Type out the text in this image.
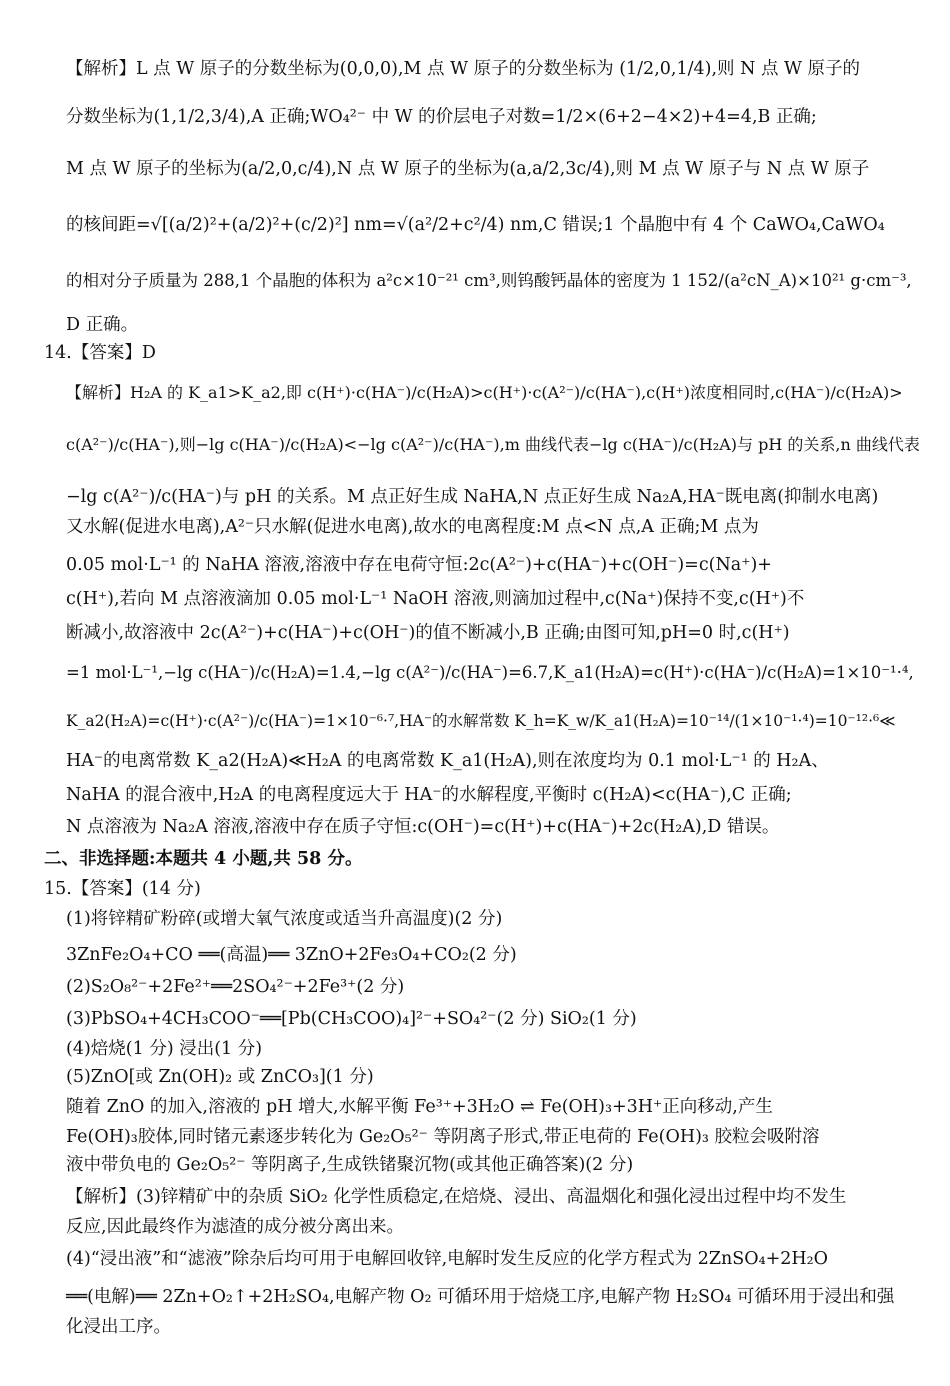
【解析】L 点 W 原子的分数坐标为(0,0,0),M 点 W 原子的分数坐标为 (1/2,0,1/4),则 N 点 W 原子的
分数坐标为(1,1/2,3/4),A 正确;WO₄²⁻ 中 W 的价层电子对数=1/2×(6+2−4×2)+4=4,B 正确;
M 点 W 原子的坐标为(a/2,0,c/4),N 点 W 原子的坐标为(a,a/2,3c/4),则 M 点 W 原子与 N 点 W 原子
的核间距=√[(a/2)²+(a/2)²+(c/2)²] nm=√(a²/2+c²/4) nm,C 错误;1 个晶胞中有 4 个 CaWO₄,CaWO₄
的相对分子质量为 288,1 个晶胞的体积为 a²c×10⁻²¹ cm³,则钨酸钙晶体的密度为 1 152/(a²cN_A)×10²¹ g·cm⁻³,
D 正确。
14.【答案】D
【解析】H₂A 的 K_a1>K_a2,即 c(H⁺)·c(HA⁻)/c(H₂A)>c(H⁺)·c(A²⁻)/c(HA⁻),c(H⁺)浓度相同时,c(HA⁻)/c(H₂A)>
c(A²⁻)/c(HA⁻),则−lg c(HA⁻)/c(H₂A)<−lg c(A²⁻)/c(HA⁻),m 曲线代表−lg c(HA⁻)/c(H₂A)与 pH 的关系,n 曲线代表
−lg c(A²⁻)/c(HA⁻)与 pH 的关系。M 点正好生成 NaHA,N 点正好生成 Na₂A,HA⁻既电离(抑制水电离)
又水解(促进水电离),A²⁻只水解(促进水电离),故水的电离程度:M 点<N 点,A 正确;M 点为
0.05 mol·L⁻¹ 的 NaHA 溶液,溶液中存在电荷守恒:2c(A²⁻)+c(HA⁻)+c(OH⁻)=c(Na⁺)+
c(H⁺),若向 M 点溶液滴加 0.05 mol·L⁻¹ NaOH 溶液,则滴加过程中,c(Na⁺)保持不变,c(H⁺)不
断减小,故溶液中 2c(A²⁻)+c(HA⁻)+c(OH⁻)的值不断减小,B 正确;由图可知,pH=0 时,c(H⁺)
=1 mol·L⁻¹,−lg c(HA⁻)/c(H₂A)=1.4,−lg c(A²⁻)/c(HA⁻)=6.7,K_a1(H₂A)=c(H⁺)·c(HA⁻)/c(H₂A)=1×10⁻¹·⁴,
K_a2(H₂A)=c(H⁺)·c(A²⁻)/c(HA⁻)=1×10⁻⁶·⁷,HA⁻的水解常数 K_h=K_w/K_a1(H₂A)=10⁻¹⁴/(1×10⁻¹·⁴)=10⁻¹²·⁶≪
HA⁻的电离常数 K_a2(H₂A)≪H₂A 的电离常数 K_a1(H₂A),则在浓度均为 0.1 mol·L⁻¹ 的 H₂A、
NaHA 的混合液中,H₂A 的电离程度远大于 HA⁻的水解程度,平衡时 c(H₂A)<c(HA⁻),C 正确;
N 点溶液为 Na₂A 溶液,溶液中存在质子守恒:c(OH⁻)=c(H⁺)+c(HA⁻)+2c(H₂A),D 错误。
二、非选择题:本题共 4 小题,共 58 分。
15.【答案】(14 分)
(1)将锌精矿粉碎(或增大氧气浓度或适当升高温度)(2 分)
3ZnFe₂O₄+CO ══(高温)══ 3ZnO+2Fe₃O₄+CO₂(2 分)
(2)S₂O₈²⁻+2Fe²⁺══2SO₄²⁻+2Fe³⁺(2 分)
(3)PbSO₄+4CH₃COO⁻══[Pb(CH₃COO)₄]²⁻+SO₄²⁻(2 分) SiO₂(1 分)
(4)焙烧(1 分) 浸出(1 分)
(5)ZnO[或 Zn(OH)₂ 或 ZnCO₃](1 分)
随着 ZnO 的加入,溶液的 pH 增大,水解平衡 Fe³⁺+3H₂O ⇌ Fe(OH)₃+3H⁺正向移动,产生
Fe(OH)₃胶体,同时锗元素逐步转化为 Ge₂O₅²⁻ 等阴离子形式,带正电荷的 Fe(OH)₃ 胶粒会吸附溶
液中带负电的 Ge₂O₅²⁻ 等阴离子,生成铁锗聚沉物(或其他正确答案)(2 分)
【解析】(3)锌精矿中的杂质 SiO₂ 化学性质稳定,在焙烧、浸出、高温烟化和强化浸出过程中均不发生
反应,因此最终作为滤渣的成分被分离出来。
(4)“浸出液”和“滤液”除杂后均可用于电解回收锌,电解时发生反应的化学方程式为 2ZnSO₄+2H₂O
══(电解)══ 2Zn+O₂↑+2H₂SO₄,电解产物 O₂ 可循环用于焙烧工序,电解产物 H₂SO₄ 可循环用于浸出和强
化浸出工序。
